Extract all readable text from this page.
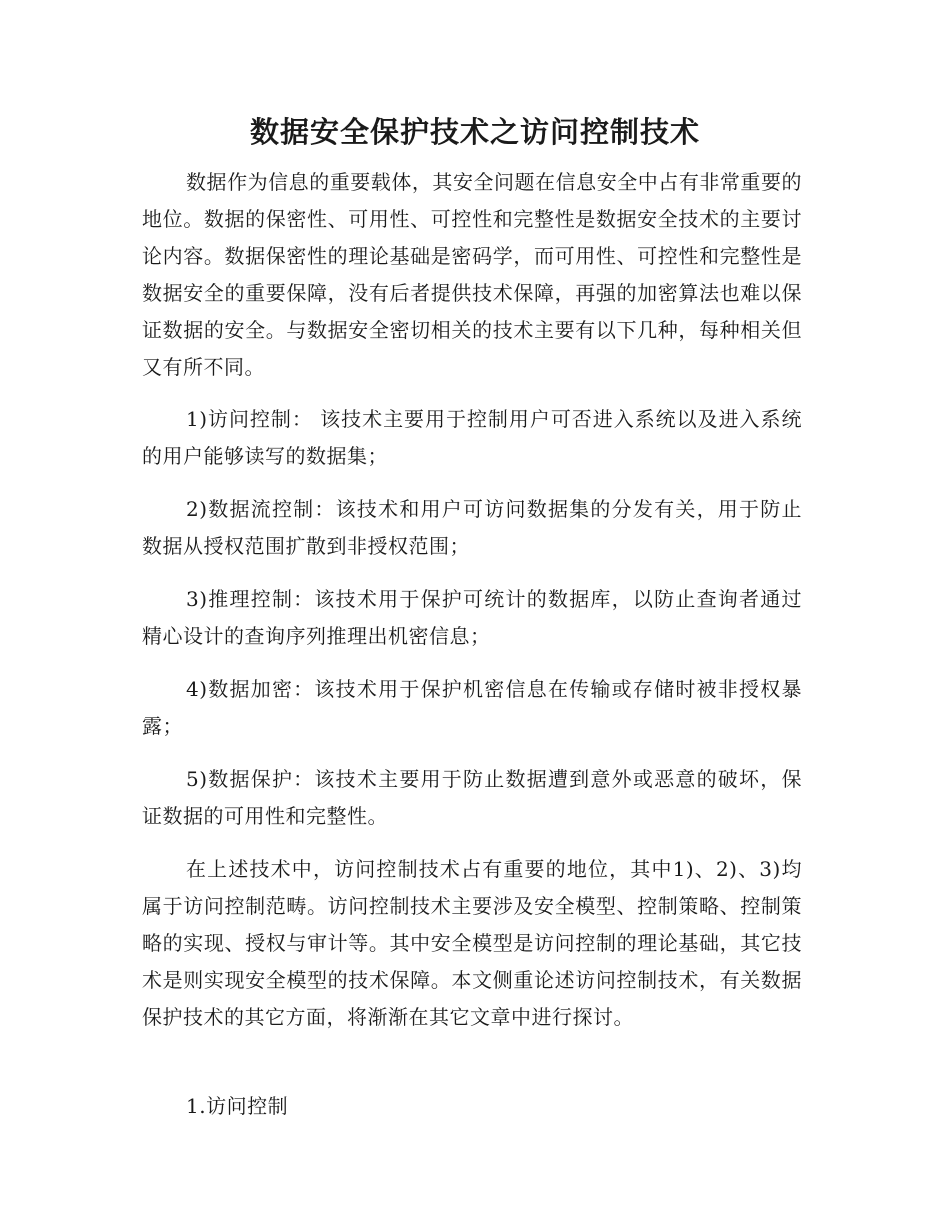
数据安全保护技术之访问控制技术

数据作为信息的重要载体，其安全问题在信息安全中占有非常重要的地位。数据的保密性、可用性、可控性和完整性是数据安全技术的主要讨论内容。数据保密性的理论基础是密码学，而可用性、可控性和完整性是数据安全的重要保障，没有后者提供技术保障，再强的加密算法也难以保证数据的安全。与数据安全密切相关的技术主要有以下几种，每种相关但又有所不同。

1)访问控制： 该技术主要用于控制用户可否进入系统以及进入系统的用户能够读写的数据集；

2)数据流控制：该技术和用户可访问数据集的分发有关，用于防止数据从授权范围扩散到非授权范围；

3)推理控制：该技术用于保护可统计的数据库，以防止查询者通过精心设计的查询序列推理出机密信息；

4)数据加密：该技术用于保护机密信息在传输或存储时被非授权暴露；

5)数据保护：该技术主要用于防止数据遭到意外或恶意的破坏，保证数据的可用性和完整性。

在上述技术中，访问控制技术占有重要的地位，其中1)、2)、3)均属于访问控制范畴。访问控制技术主要涉及安全模型、控制策略、控制策略的实现、授权与审计等。其中安全模型是访问控制的理论基础，其它技术是则实现安全模型的技术保障。本文侧重论述访问控制技术，有关数据保护技术的其它方面，将渐渐在其它文章中进行探讨。

1.访问控制
